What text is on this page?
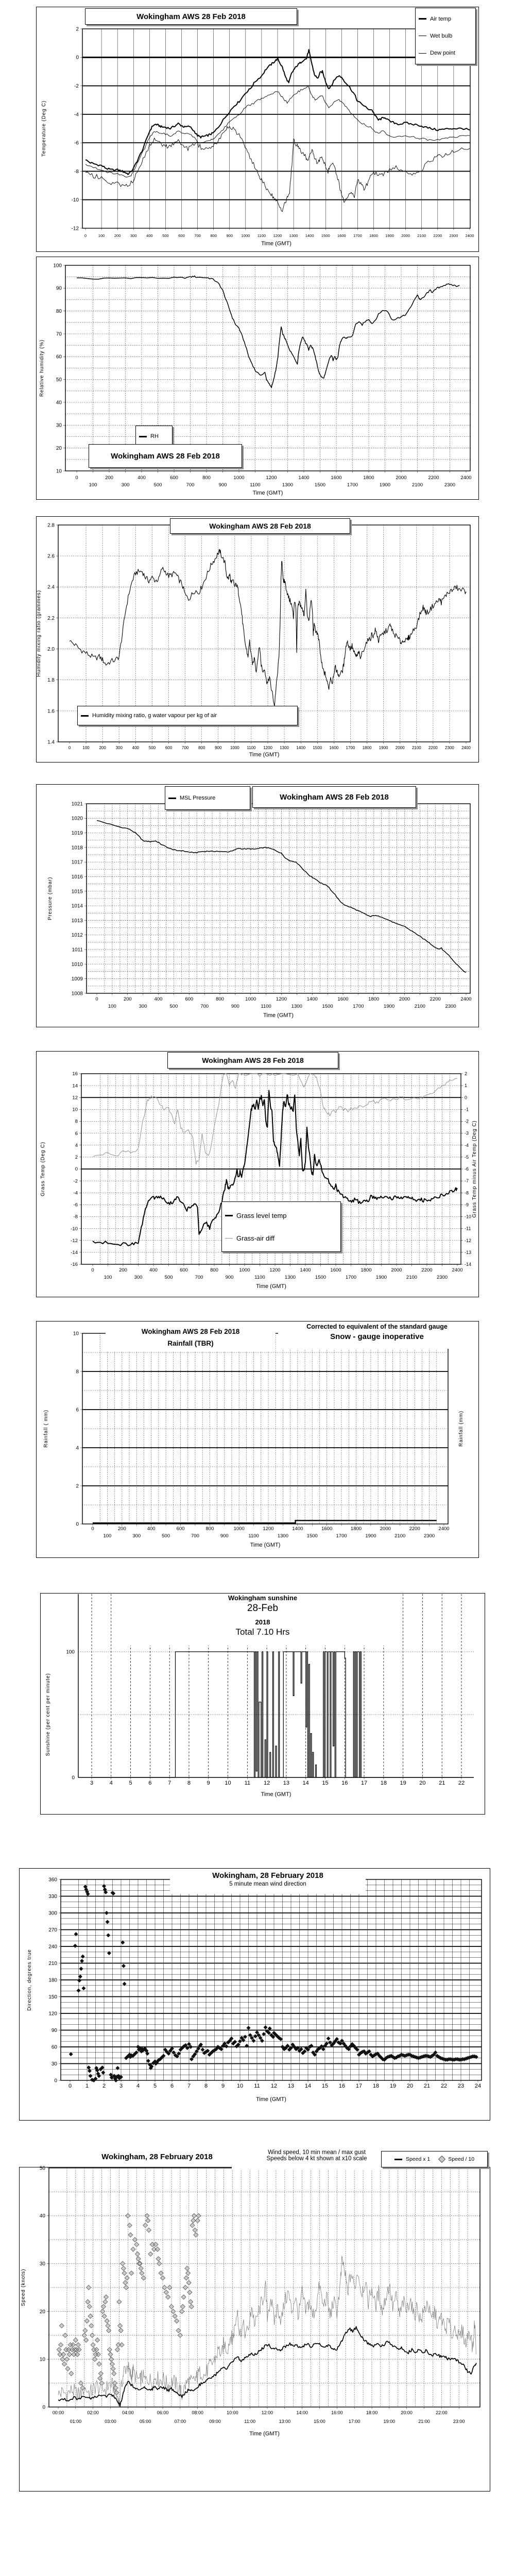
-12
-10
-8
-6
-4
-2
0
2
0	100 200 300 400 500 600 700 800 900 1000 1100 1200 1300 1400 1500 1600 1700 1800 1900 2000 2100 2200 2300 2400
Temperature (Deg C)
Time (GMT)
Wokingham AWS 28 Feb 2018	Air temp
Wet bulb
Dew point
10
20
30
40
50
60
70
80
90
100
0
100
200
300
400
500
600
700
800
900
1000
1100
1200
1300
1400
1500
1600
1700
1800
1900
2000
2100
2200
2300
2400
Relative humidity (%)
Time (GMT)
RH
Wokingham AWS 28 Feb 2018
1.4
1.6
1.8
2.0
2.2
2.4
2.6
2.8
0	100 200 300 400 500 600 700 800 900 1000 1100 1200 1300 1400 1500 1600 1700 1800 1900 2000 2100 2200 2300 2400
Humidity mixing ratio (grammes)
Time (GMT)
Wokingham AWS 28 Feb 2018
Humidity mixing ratio, g water vapour per kg of air
1008
1009
1010
1011
1012
1013
1014
1015
1016
1017
1018
1019
1020
1021
0
100
200
300
400
500
600
700
800
900
1000
1100
1200
1300
1400
1500
1600
1700
1800
1900
2000
2100
2200
2300
2400
Pressure (mbar)
Time (GMT)
MSL Pressure	Wokingham AWS 28 Feb 2018
-16
-14
-12
-10
-8
-6
-4
-2
0
2
4
6
8
10
12
14
16
-14
-13
-12
-11
-10
-9
-8
-7
-6
-5
-4
-3
-2
-1
0
1
2
0
100
200
300
400
500
600
700
800
900
1000
1100
1200
1300
1400
1500
1600
1700
1800
1900
2000
2100
2200
2300
2400
Grass Temp (Deg C)	Grass Temp minus Air Temp (Deg C)
Time (GMT)
Wokingham AWS 28 Feb 2018
Grass level temp
Grass-air diff
0
2
4
6
8
10
0
100
200
300
400
500
600
700
800
900
1000
1100
1200
1300
1400
1500
1600
1700
1800
1900
2000
2100
2200
2300
2400
Rainfall ( mm)	Rainfall (mm)
Time (GMT)
Wokingham AWS 28 Feb 2018
Rainfall (TBR)
Corrected to equivalent of the standard gauge
Snow - gauge inoperative
100
0
3	4	5	6	7	8	9	10 11 12 13 14 15 16 17 18 19 20 21 22
Sunshine (per cent per minute)
Time (GMT)
Wokingham sunshine
28-Feb
2018
Total 7.10 Hrs
0
30
60
90
120
150
180
210
240
270
300
330
360
0 1 2 3 4 5 6 7 8 9 10 11 12 13 14 15 16 17 18 19 20 21 22 23 24
Direction, degrees true
Time (GMT)
Wokingham, 28 February 2018
5 minute mean wind direction
0
10
20
30
40
50
00:00
01:00
02:00
03:00
04:00
05:00
06:00
07:00
08:00
09:00
10:00
11:00
12:00
13:00
14:00
15:00
16:00
17:00
18:00
19:00
20:00
21:00
22:00
23:00
Speed (knots)
Time (GMT)
Wokingham, 28 February 2018	Wind speed, 10 min mean / max gust
Speeds below 4 kt shown at x10 scale	Speed x 1	Speed / 10
